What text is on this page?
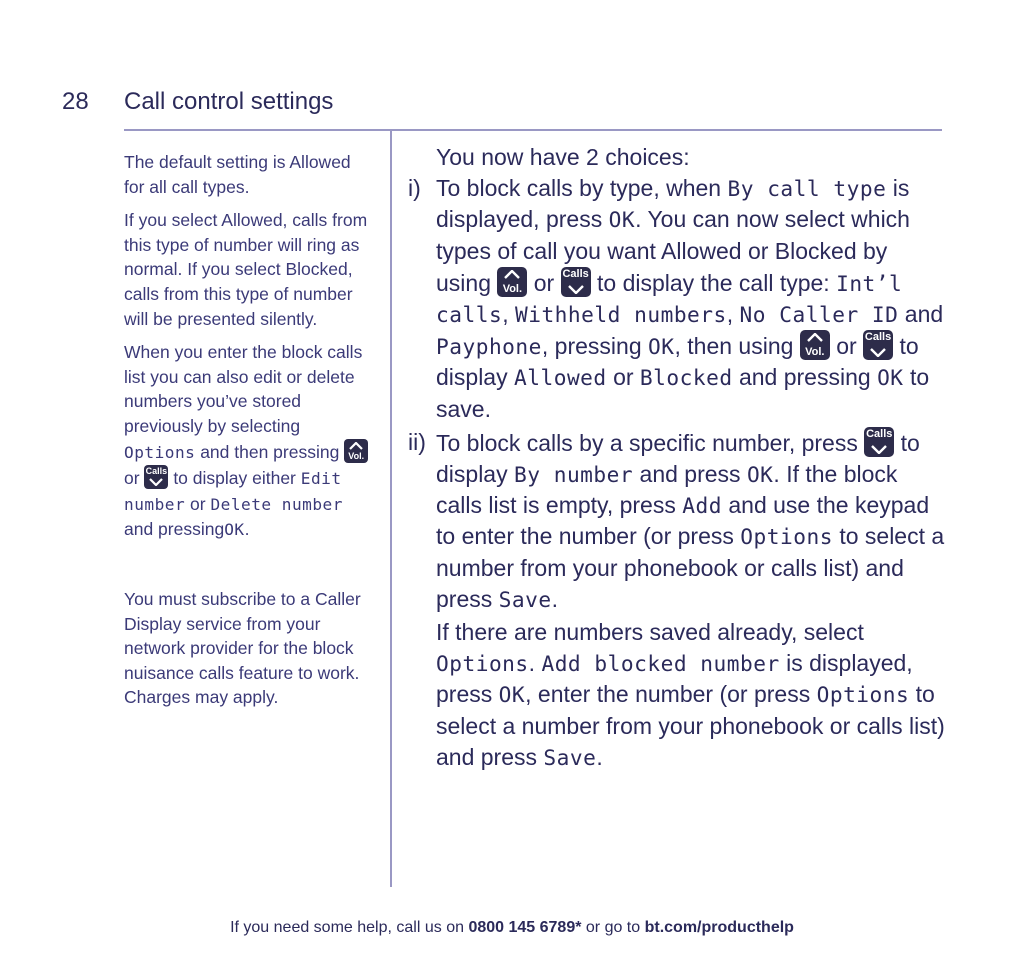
28 Call control settings

The default setting is Allowed for all call types.

If you select Allowed, calls from this type of number will ring as normal. If you select Blocked, calls from this type of number will be presented silently.

When you enter the block calls list you can also edit or delete numbers you’ve stored previously by selecting Options and then pressing Vol.
or Calls to display either Edit number or Delete number and pressingOK.

You must subscribe to a Caller Display service from your network provider for the block nuisance calls feature to work. Charges may apply.

You now have 2 choices:

i) To block calls by type, when By call type is displayed, press OK. You can now select which types of call you want Allowed or Blocked by using	Vol. or Calls to display the call type: Int’l calls, Withheld numbers, No Caller ID and Payphone, pressing OK, then using	Vol. or Calls to display Allowed or Blocked and pressing OK to save.
ii) To block calls by a specific number, press Calls to display By number and press OK. If the block calls list is empty, press Add and use the keypad to enter the number (or press Options to select a number from your phonebook or calls list) and press Save.

If there are numbers saved already, select Options. Add blocked number is displayed, press OK, enter the number (or press Options to select a number from your phonebook or calls list) and press Save.

If you need some help, call us on 0800 145 6789* or go to bt.com/producthelp
